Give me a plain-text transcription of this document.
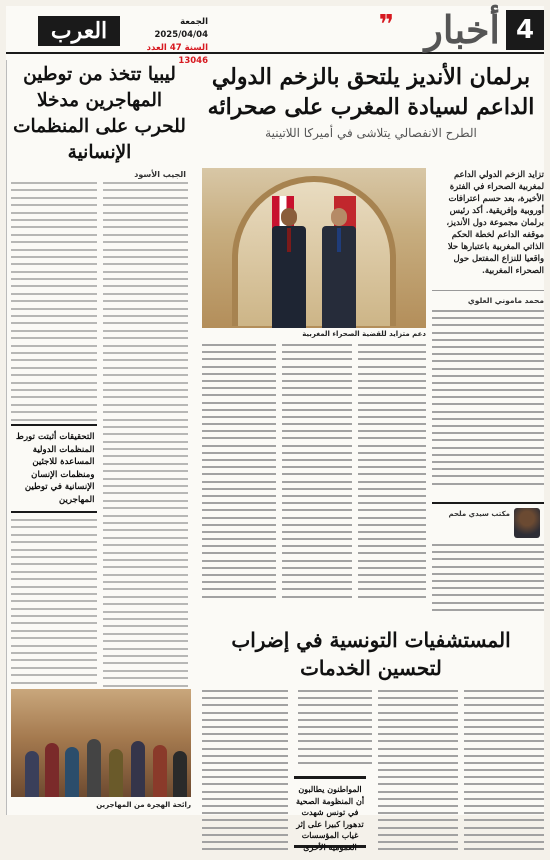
4
أخبار
❞
العرب	الجمعة 2025/04/04
السنة 47 العدد 13046
ليبيا تتخذ من توطين المهاجرين مدخلا للحرب على المنظمات الإنسانية
الجيب الأسود
التحقيقات أثبتت تورط المنظمات الدولية المساعدة للاجئين ومنظمات الإنسان الإنسانية في توطين المهاجرين
رائحة الهجرة من المهاجرين
برلمان الأنديز يلتحق بالزخم الدولي الداعم لسيادة المغرب على صحرائه
الطرح الانفصالي يتلاشى في أميركا اللاتينية
دعم متزايد للقضية الصحراء المغربية
تزايد الزخم الدولي الداعم لمغربية الصحراء في الفترة الأخيرة، بعد حسم اعترافات أوروبية وإفريقية. أكد رئيس برلمان مجموعة دول الأنديز، موقفه الداعم لخطة الحكم الذاتي المغربية باعتبارها حلا واقعيا للنزاع المفتعل حول الصحراء المغربية.
محمد ماموني العلوي
مكتب سيدي ملحم
المستشفيات التونسية في إضراب لتحسين الخدمات
المواطنون يطالبون أن المنظومة الصحية في تونس شهدت تدهورا كبيرا على إثر غياب المؤسسات العمومية الأخرى
